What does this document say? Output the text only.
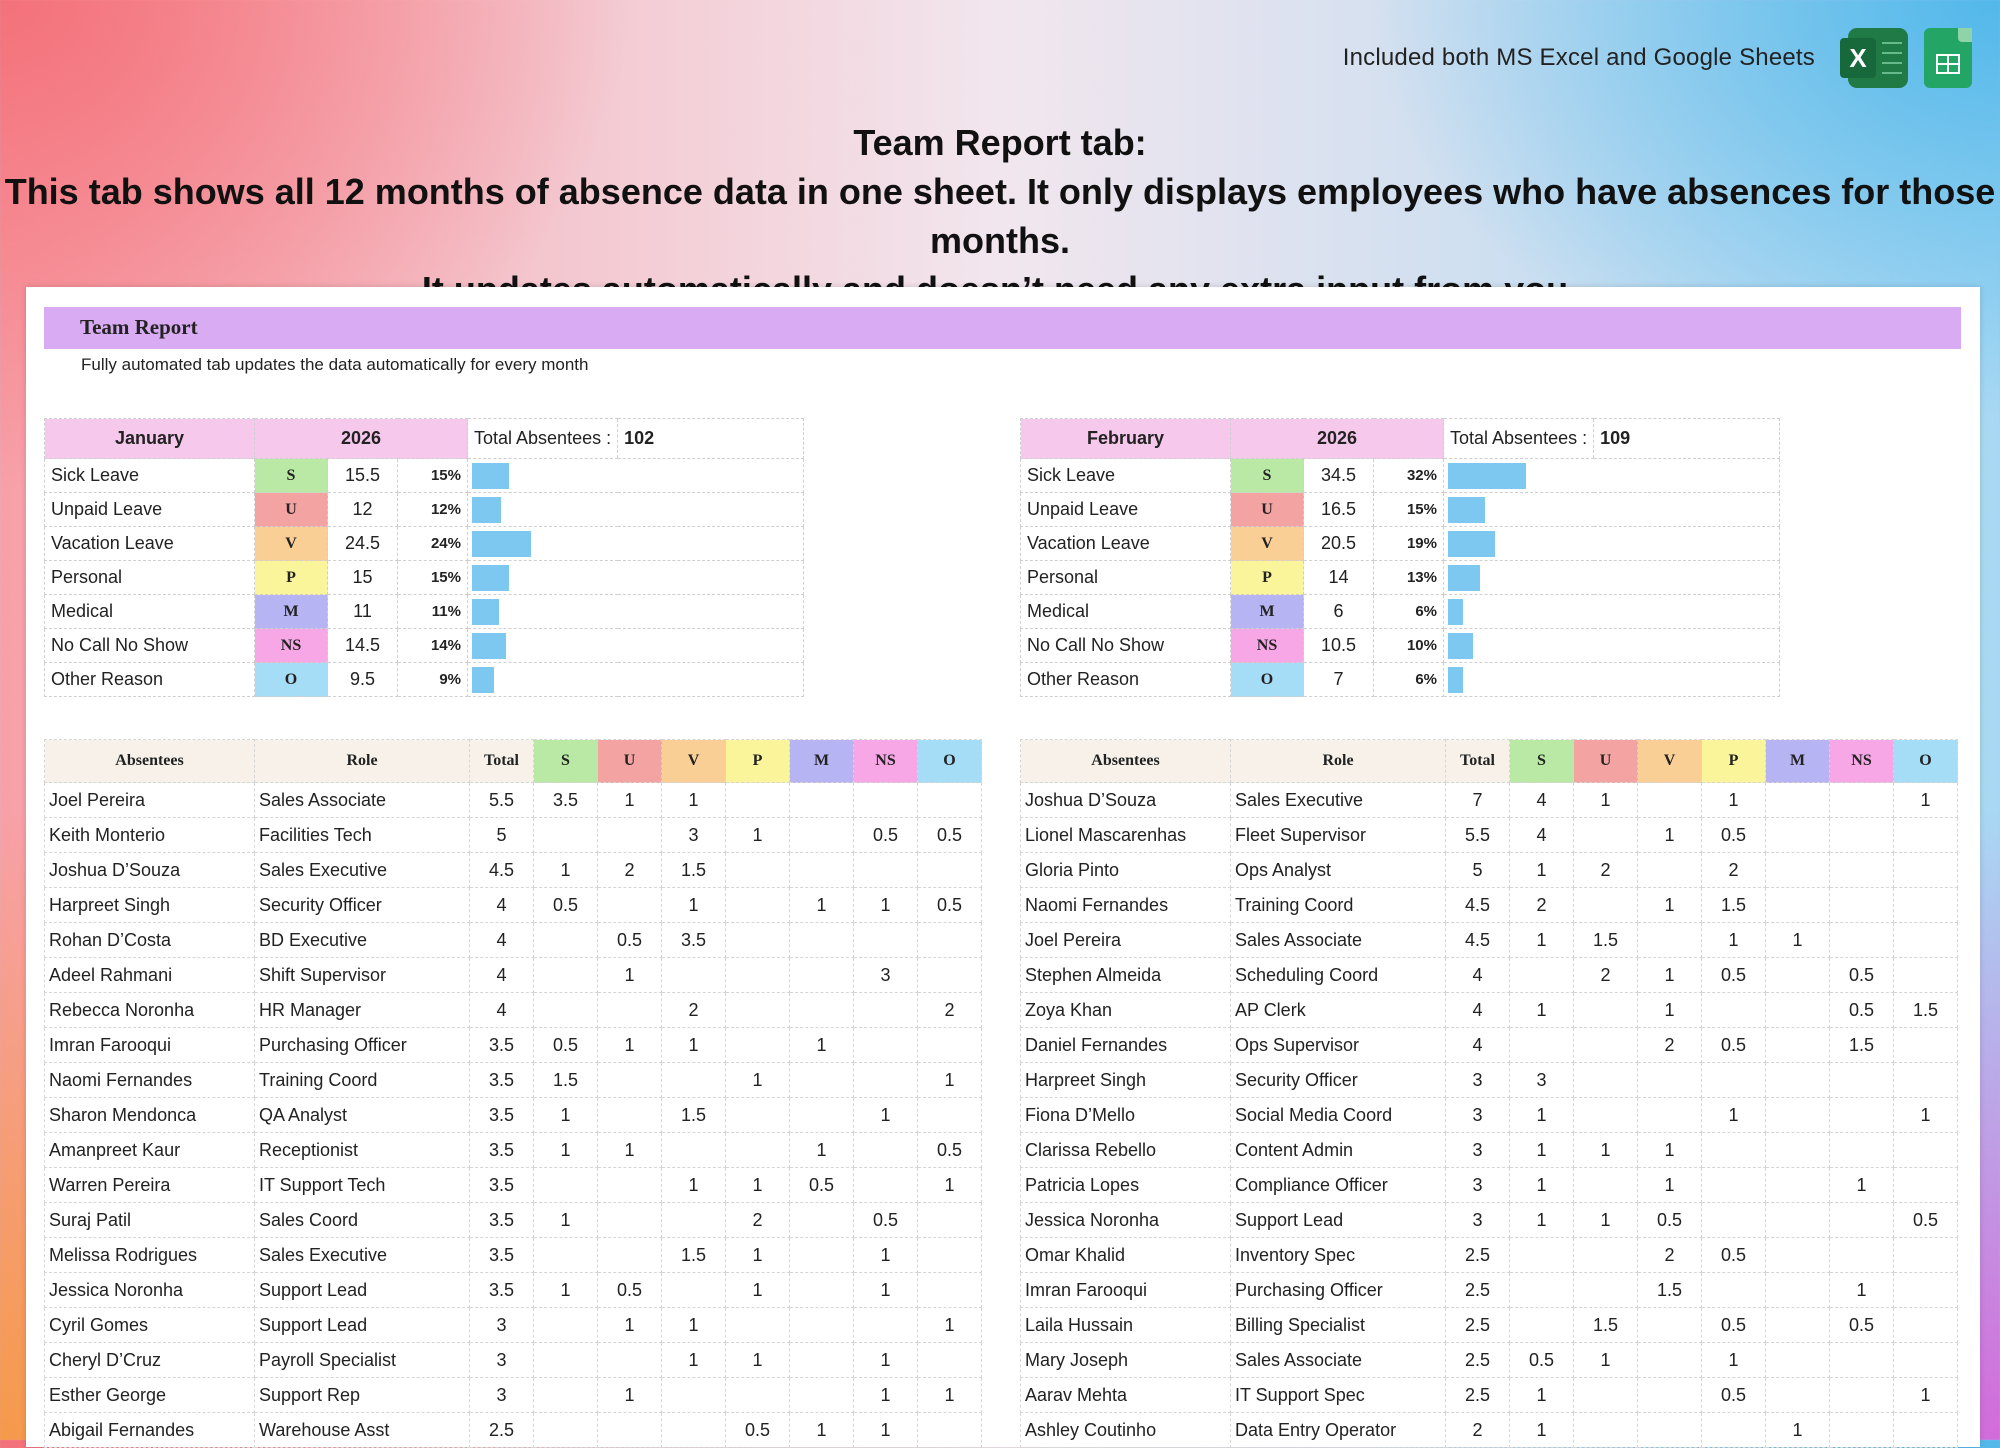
Included both MS Excel and Google Sheets	X
Team Report tab:
This tab shows all 12 months of absence data in one sheet. It only displays employees who have absences for those months.
Team Report
Fully automated tab updates the data automatically for every month
January	2026			Total Absentees :	102
Sick Leave	S	15.5	15%		

Unpaid Leave	U	12	12%		

Vacation Leave	V	24.5	24%		

Personal	P	15	15%		

Medical	M	11	11%		

No Call No Show	NS	14.5	14%		

Other Reason	O	9.5	9%		
Absentees	Role	Total	S	U	V	P	M	NS	O
Joel Pereira	Sales Associate	5.5	3.5	1	1				
Keith Monterio	Facilities Tech	5			3	1		0.5	0.5
Joshua D’Souza	Sales Executive	4.5	1	2	1.5				
Harpreet Singh	Security Officer	4	0.5		1		1	1	0.5
Rohan D’Costa	BD Executive	4		0.5	3.5				
Adeel Rahmani	Shift Supervisor	4		1				3	
Rebecca Noronha	HR Manager	4			2				2
Imran Farooqui	Purchasing Officer	3.5	0.5	1	1		1		
Naomi Fernandes	Training Coord	3.5	1.5			1			1
Sharon Mendonca	QA Analyst	3.5	1		1.5			1	
Amanpreet Kaur	Receptionist	3.5	1	1			1		0.5
Warren Pereira	IT Support Tech	3.5			1	1	0.5		1
Suraj Patil	Sales Coord	3.5	1			2		0.5	
Melissa Rodrigues	Sales Executive	3.5			1.5	1		1	
Jessica Noronha	Support Lead	3.5	1	0.5		1		1	
Cyril Gomes	Support Lead	3		1	1				1
Cheryl D’Cruz	Payroll Specialist	3			1	1		1	
Esther George	Support Rep	3		1				1	1
Abigail Fernandes	Warehouse Asst	2.5				0.5	1	1	
February	2026			Total Absentees :	109
Sick Leave	S	34.5	32%		

Unpaid Leave	U	16.5	15%		

Vacation Leave	V	20.5	19%		

Personal	P	14	13%		

Medical	M	6	6%		

No Call No Show	NS	10.5	10%		

Other Reason	O	7	6%		
Absentees	Role	Total	S	U	V	P	M	NS	O
Joshua D’Souza	Sales Executive	7	4	1		1			1
Lionel Mascarenhas	Fleet Supervisor	5.5	4		1	0.5			
Gloria Pinto	Ops Analyst	5	1	2		2			
Naomi Fernandes	Training Coord	4.5	2		1	1.5			
Joel Pereira	Sales Associate	4.5	1	1.5		1	1		
Stephen Almeida	Scheduling Coord	4		2	1	0.5		0.5	
Zoya Khan	AP Clerk	4	1		1			0.5	1.5
Daniel Fernandes	Ops Supervisor	4			2	0.5		1.5	
Harpreet Singh	Security Officer	3	3						
Fiona D’Mello	Social Media Coord	3	1			1			1
Clarissa Rebello	Content Admin	3	1	1	1				
Patricia Lopes	Compliance Officer	3	1		1			1	
Jessica Noronha	Support Lead	3	1	1	0.5				0.5
Omar Khalid	Inventory Spec	2.5			2	0.5			
Imran Farooqui	Purchasing Officer	2.5			1.5			1	
Laila Hussain	Billing Specialist	2.5		1.5		0.5		0.5	
Mary Joseph	Sales Associate	2.5	0.5	1		1			
Aarav Mehta	IT Support Spec	2.5	1			0.5			1
Ashley Coutinho	Data Entry Operator	2	1				1		
